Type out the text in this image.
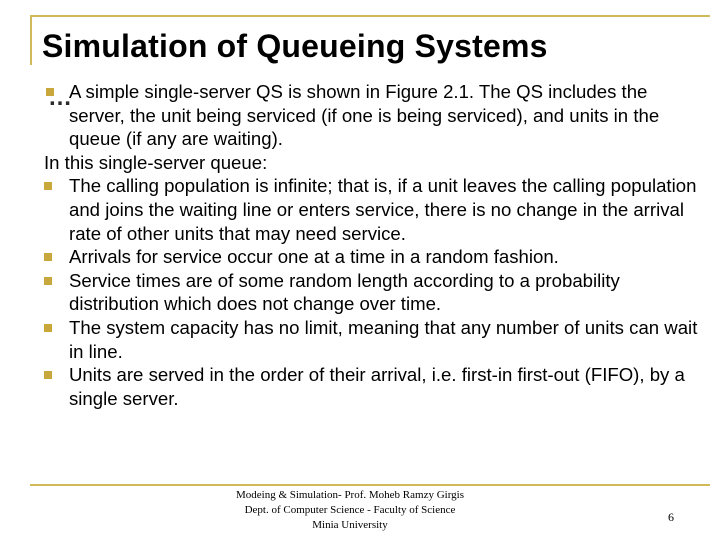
Simulation of Queueing Systems
…
A simple single-server QS is shown in Figure 2.1. The QS includes the server, the unit being serviced (if one is being serviced), and units in the queue (if any are waiting).
In this single-server queue:
The calling population is infinite; that is, if a unit leaves the calling population and joins the waiting line or enters service, there is no change in the arrival rate of other units that may need service.
Arrivals for service occur one at a time in a random fashion.
Service times are of some random length according to a probability distribution which does not change over time.
The system capacity has no limit, meaning that any number of units can wait in line.
Units are served in the order of their arrival, i.e. first-in first-out (FIFO), by a single server.
Modeing & Simulation- Prof. Moheb Ramzy Girgis
Dept. of Computer Science - Faculty of Science
Minia University
6
